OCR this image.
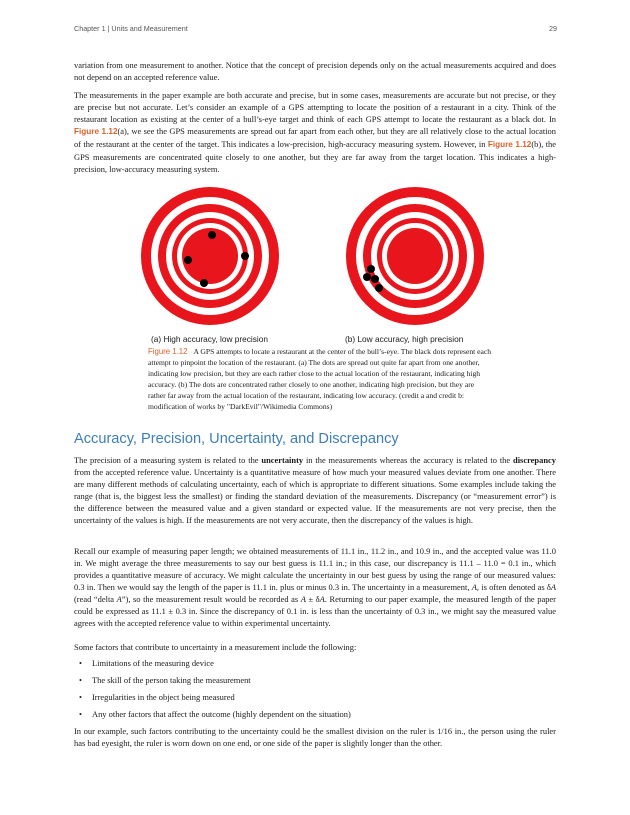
Chapter 1 | Units and Measurement	29

variation from one measurement to another. Notice that the concept of precision depends only on the actual measurements acquired and does not depend on an accepted reference value.

The measurements in the paper example are both accurate and precise, but in some cases, measurements are accurate but not precise, or they are precise but not accurate. Let’s consider an example of a GPS attempting to locate the position of a restaurant in a city. Think of the restaurant location as existing at the center of a bull’s-eye target and think of each GPS attempt to locate the restaurant as a black dot. In Figure 1.12(a), we see the GPS measurements are spread out far apart from each other, but they are all relatively close to the actual location of the restaurant at the center of the target. This indicates a low-precision, high-accuracy measuring system. However, in Figure 1.12(b), the GPS measurements are concentrated quite closely to one another, but they are far away from the target location. This indicates a high-precision, low-accuracy measuring system.

(a) High accuracy, low precision	(b) Low accuracy, high precision

Figure 1.12 A GPS attempts to locate a restaurant at the center of the bull’s-eye. The black dots represent each attempt to pinpoint the location of the restaurant. (a) The dots are spread out quite far apart from one another, indicating low precision, but they are each rather close to the actual location of the restaurant, indicating high accuracy. (b) The dots are concentrated rather closely to one another, indicating high precision, but they are rather far away from the actual location of the restaurant, indicating low accuracy. (credit a and credit b: modification of works by "DarkEvil"/Wikimedia Commons)

Accuracy, Precision, Uncertainty, and Discrepancy

The precision of a measuring system is related to the uncertainty in the measurements whereas the accuracy is related to the discrepancy from the accepted reference value. Uncertainty is a quantitative measure of how much your measured values deviate from one another. There are many different methods of calculating uncertainty, each of which is appropriate to different situations. Some examples include taking the range (that is, the biggest less the smallest) or finding the standard deviation of the measurements. Discrepancy (or “measurement error”) is the difference between the measured value and a given standard or expected value. If the measurements are not very precise, then the uncertainty of the values is high. If the measurements are not very accurate, then the discrepancy of the values is high.

Recall our example of measuring paper length; we obtained measurements of 11.1 in., 11.2 in., and 10.9 in., and the accepted value was 11.0 in. We might average the three measurements to say our best guess is 11.1 in.; in this case, our discrepancy is 11.1 – 11.0 = 0.1 in., which provides a quantitative measure of accuracy. We might calculate the uncertainty in our best guess by using the range of our measured values: 0.3 in. Then we would say the length of the paper is 11.1 in. plus or minus 0.3 in. The uncertainty in a measurement, A, is often denoted as δA (read “delta A”), so the measurement result would be recorded as A ± δA. Returning to our paper example, the measured length of the paper could be expressed as 11.1 ± 0.3 in. Since the discrepancy of 0.1 in. is less than the uncertainty of 0.3 in., we might say the measured value agrees with the accepted reference value to within experimental uncertainty.

Some factors that contribute to uncertainty in a measurement include the following:

• Limitations of the measuring device
• The skill of the person taking the measurement
• Irregularities in the object being measured
• Any other factors that affect the outcome (highly dependent on the situation)

In our example, such factors contributing to the uncertainty could be the smallest division on the ruler is 1/16 in., the person using the ruler has bad eyesight, the ruler is worn down on one end, or one side of the paper is slightly longer than the other.
